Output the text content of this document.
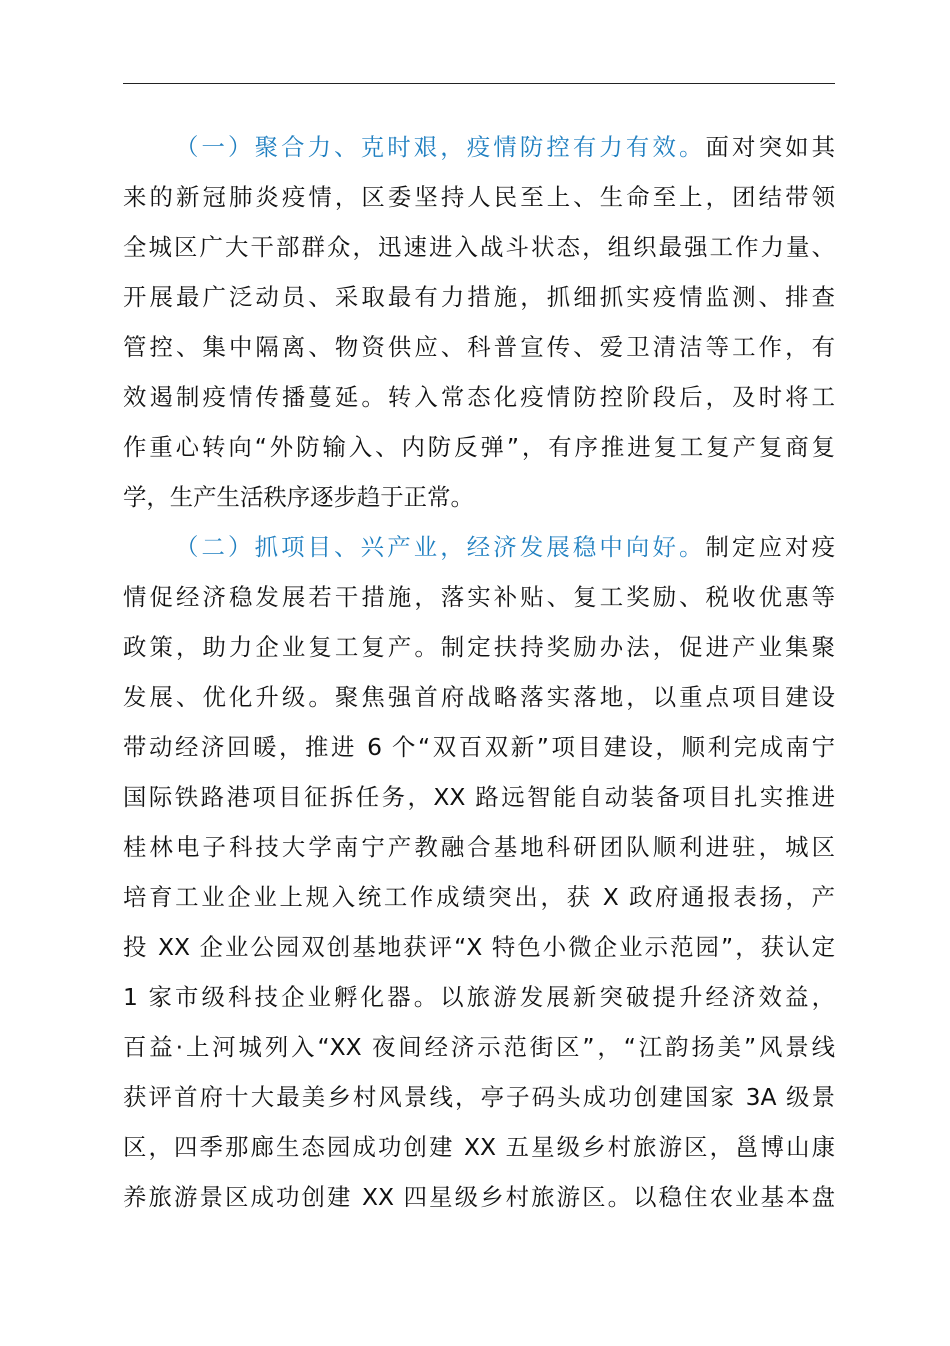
（一）聚合力、克时艰，疫情防控有力有效。面对突如其
来的新冠肺炎疫情，区委坚持人民至上、生命至上，团结带领
全城区广大干部群众，迅速进入战斗状态，组织最强工作力量、
开展最广泛动员、采取最有力措施，抓细抓实疫情监测、排查
管控、集中隔离、物资供应、科普宣传、爱卫清洁等工作，有
效遏制疫情传播蔓延。转入常态化疫情防控阶段后，及时将工
作重心转向“外防输入、内防反弹”，有序推进复工复产复商复
学，生产生活秩序逐步趋于正常。
（二）抓项目、兴产业，经济发展稳中向好。制定应对疫
情促经济稳发展若干措施，落实补贴、复工奖励、税收优惠等
政策，助力企业复工复产。制定扶持奖励办法，促进产业集聚
发展、优化升级。聚焦强首府战略落实落地，以重点项目建设
带动经济回暖，推进 6 个“双百双新”项目建设，顺利完成南宁
国际铁路港项目征拆任务，XX 路远智能自动装备项目扎实推进
桂林电子科技大学南宁产教融合基地科研团队顺利进驻，城区
培育工业企业上规入统工作成绩突出，获 X 政府通报表扬，产
投 XX 企业公园双创基地获评“X 特色小微企业示范园”，获认定
1 家市级科技企业孵化器。以旅游发展新突破提升经济效益，
百益·上河城列入“XX 夜间经济示范街区”，“江韵扬美”风景线
获评首府十大最美乡村风景线，亭子码头成功创建国家 3A 级景
区，四季那廊生态园成功创建 XX 五星级乡村旅游区，邕博山康
养旅游景区成功创建 XX 四星级乡村旅游区。以稳住农业基本盘
